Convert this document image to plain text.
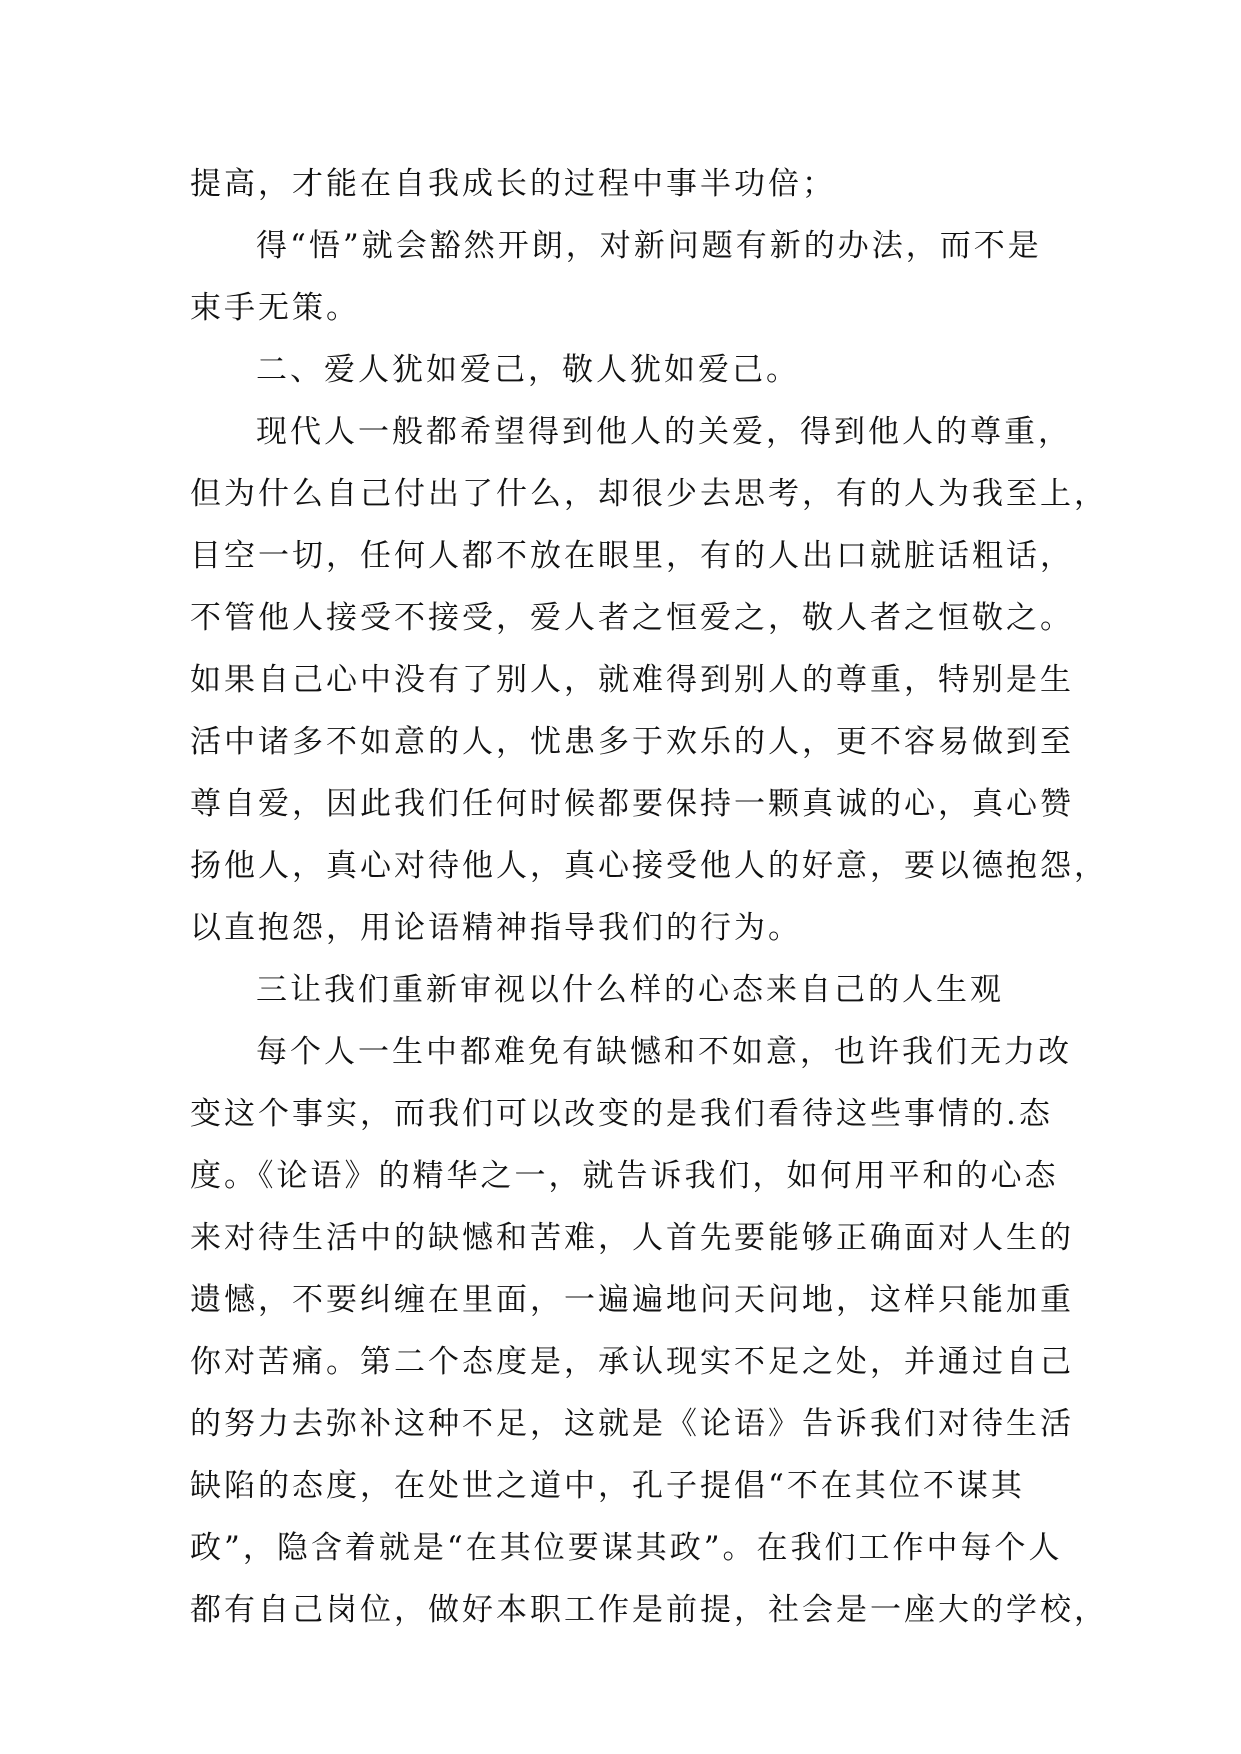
提高，才能在自我成长的过程中事半功倍；
得“悟”就会豁然开朗，对新问题有新的办法，而不是
束手无策。
二、爱人犹如爱己，敬人犹如爱己。
现代人一般都希望得到他人的关爱，得到他人的尊重，
但为什么自己付出了什么，却很少去思考，有的人为我至上，
目空一切，任何人都不放在眼里，有的人出口就脏话粗话，
不管他人接受不接受，爱人者之恒爱之，敬人者之恒敬之。
如果自己心中没有了别人，就难得到别人的尊重，特别是生
活中诸多不如意的人，忧患多于欢乐的人，更不容易做到至
尊自爱，因此我们任何时候都要保持一颗真诚的心，真心赞
扬他人，真心对待他人，真心接受他人的好意，要以德抱怨，
以直抱怨，用论语精神指导我们的行为。
三让我们重新审视以什么样的心态来自己的人生观
每个人一生中都难免有缺憾和不如意，也许我们无力改
变这个事实，而我们可以改变的是我们看待这些事情的.态
度。《论语》的精华之一，就告诉我们，如何用平和的心态
来对待生活中的缺憾和苦难，人首先要能够正确面对人生的
遗憾，不要纠缠在里面，一遍遍地问天问地，这样只能加重
你对苦痛。第二个态度是，承认现实不足之处，并通过自己
的努力去弥补这种不足，这就是《论语》告诉我们对待生活
缺陷的态度，在处世之道中，孔子提倡“不在其位不谋其
政”，隐含着就是“在其位要谋其政”。在我们工作中每个人
都有自己岗位，做好本职工作是前提，社会是一座大的学校，
